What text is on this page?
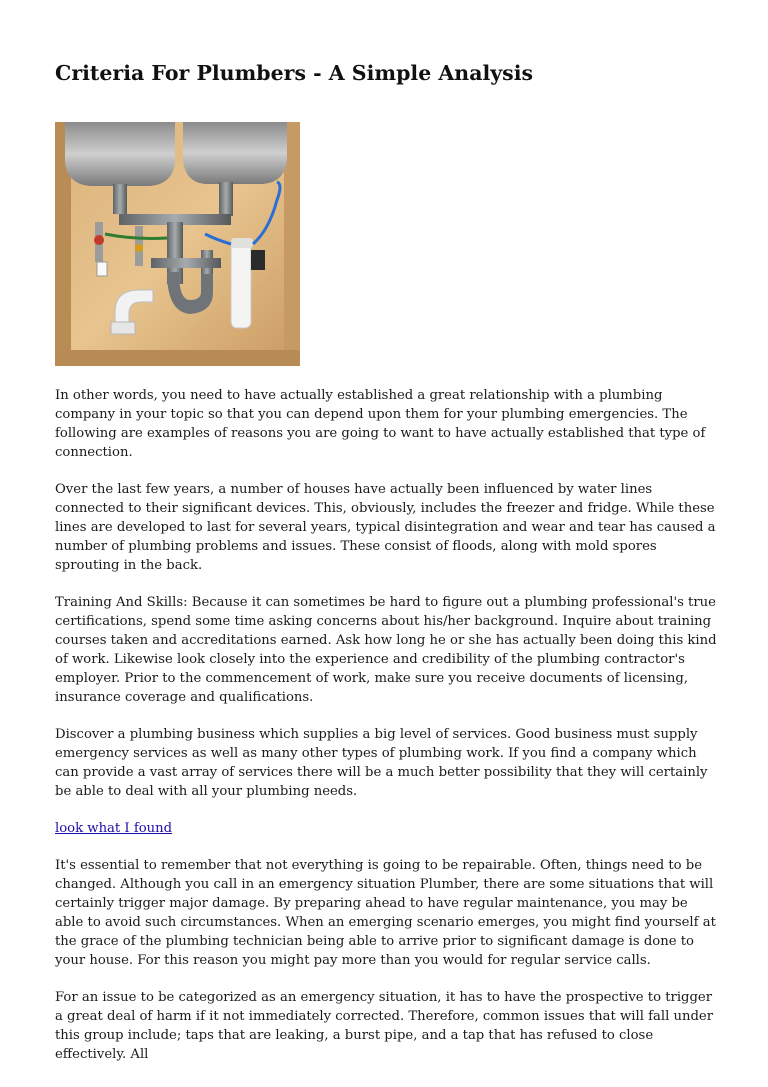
Criteria For Plumbers - A Simple Analysis

In other words, you need to have actually established a great relationship with a plumbing company in your topic so that you can depend upon them for your plumbing emergencies. The following are examples of reasons you are going to want to have actually established that type of connection.

Over the last few years, a number of houses have actually been influenced by water lines connected to their significant devices. This, obviously, includes the freezer and fridge. While these lines are developed to last for several years, typical disintegration and wear and tear has caused a number of plumbing problems and issues. These consist of floods, along with mold spores sprouting in the back.

Training And Skills: Because it can sometimes be hard to figure out a plumbing professional's true certifications, spend some time asking concerns about his/her background. Inquire about training courses taken and accreditations earned. Ask how long he or she has actually been doing this kind of work. Likewise look closely into the experience and credibility of the plumbing contractor's employer. Prior to the commencement of work, make sure you receive documents of licensing, insurance coverage and qualifications.

Discover a plumbing business which supplies a big level of services. Good business must supply emergency services as well as many other types of plumbing work. If you find a company which can provide a vast array of services there will be a much better possibility that they will certainly be able to deal with all your plumbing needs.

look what I found

It's essential to remember that not everything is going to be repairable. Often, things need to be changed. Although you call in an emergency situation Plumber, there are some situations that will certainly trigger major damage. By preparing ahead to have regular maintenance, you may be able to avoid such circumstances. When an emerging scenario emerges, you might find yourself at the grace of the plumbing technician being able to arrive prior to significant damage is done to your house. For this reason you might pay more than you would for regular service calls.

For an issue to be categorized as an emergency situation, it has to have the prospective to trigger a great deal of harm if it not immediately corrected. Therefore, common issues that will fall under this group include; taps that are leaking, a burst pipe, and a tap that has refused to close effectively. All
